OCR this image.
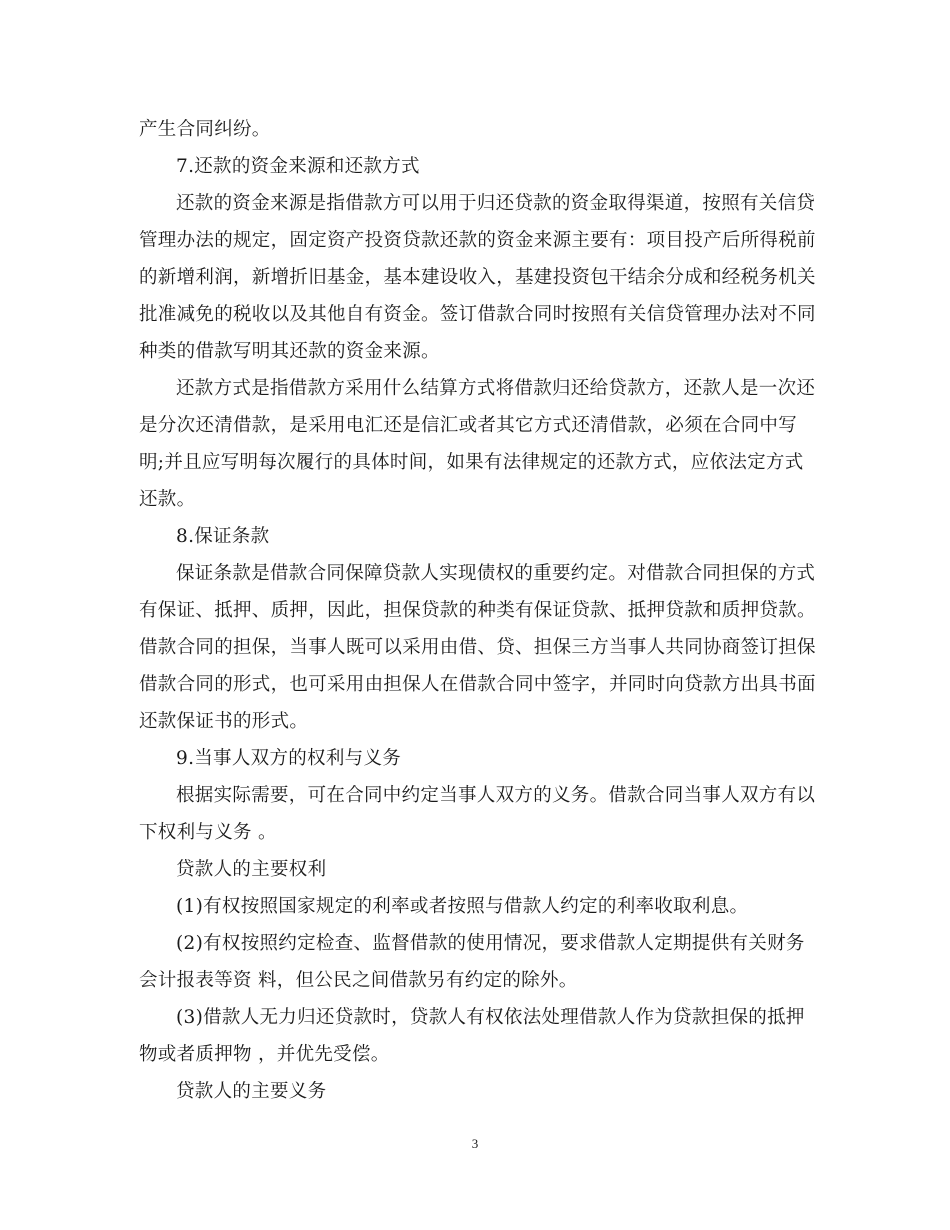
产生合同纠纷。
7.还款的资金来源和还款方式
还款的资金来源是指借款方可以用于归还贷款的资金取得渠道，按照有关信贷
管理办法的规定，固定资产投资贷款还款的资金来源主要有：项目投产后所得税前
的新增利润，新增折旧基金，基本建设收入，基建投资包干结余分成和经税务机关
批准减免的税收以及其他自有资金。签订借款合同时按照有关信贷管理办法对不同
种类的借款写明其还款的资金来源。
还款方式是指借款方采用什么结算方式将借款归还给贷款方，还款人是一次还
是分次还清借款，是采用电汇还是信汇或者其它方式还清借款，必须在合同中写
明;并且应写明每次履行的具体时间，如果有法律规定的还款方式，应依法定方式
还款。
8.保证条款
保证条款是借款合同保障贷款人实现债权的重要约定。对借款合同担保的方式
有保证、抵押、质押，因此，担保贷款的种类有保证贷款、抵押贷款和质押贷款。
借款合同的担保，当事人既可以采用由借、贷、担保三方当事人共同协商签订担保
借款合同的形式，也可采用由担保人在借款合同中签字，并同时向贷款方出具书面
还款保证书的形式。
9.当事人双方的权利与义务
根据实际需要，可在合同中约定当事人双方的义务。借款合同当事人双方有以
下权利与义务 。
贷款人的主要权利
(1)有权按照国家规定的利率或者按照与借款人约定的利率收取利息。
(2)有权按照约定检查、监督借款的使用情况，要求借款人定期提供有关财务
会计报表等资 料，但公民之间借款另有约定的除外。
(3)借款人无力归还贷款时，贷款人有权依法处理借款人作为贷款担保的抵押
物或者质押物 ，并优先受偿。
贷款人的主要义务
3
